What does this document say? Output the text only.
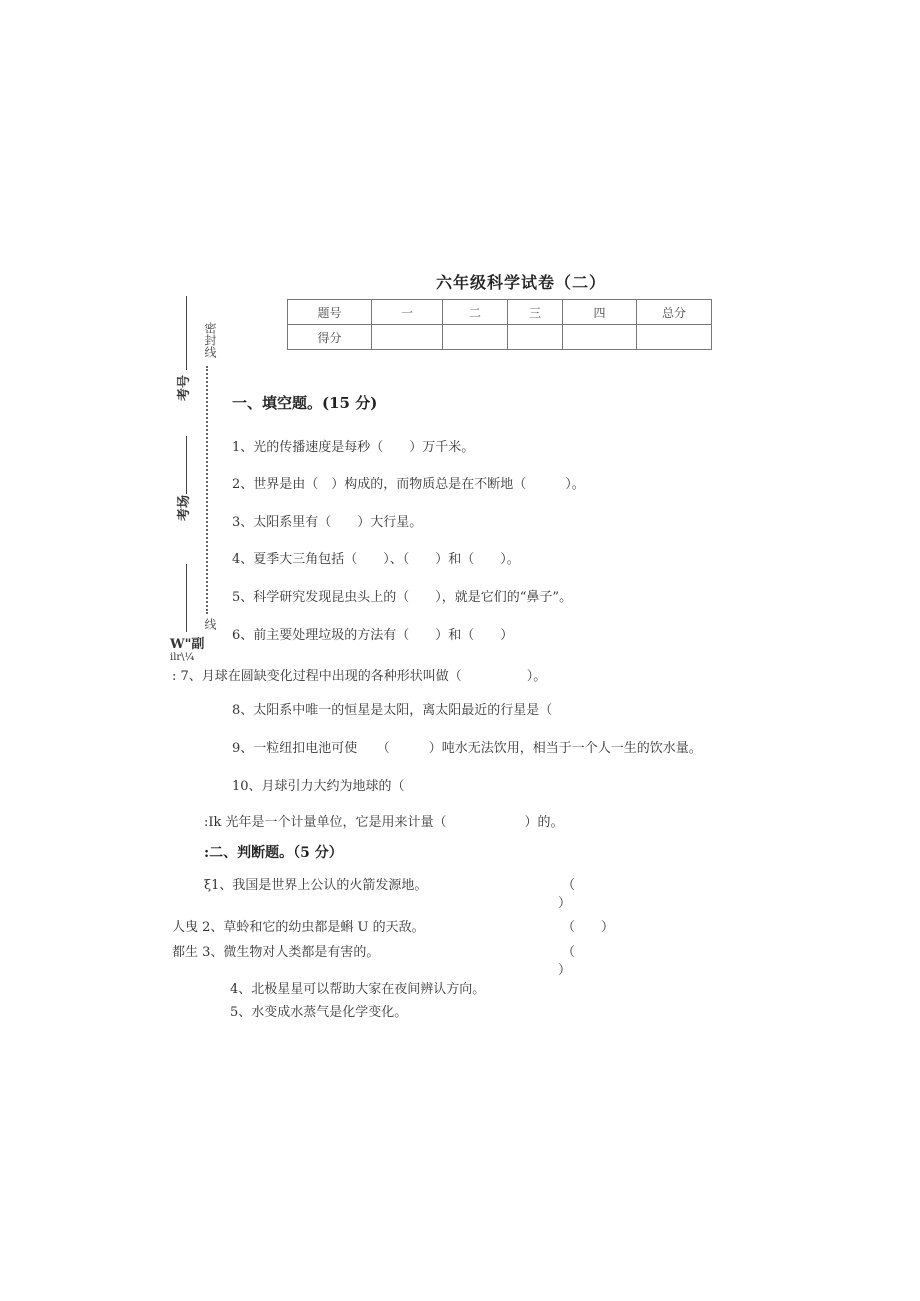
六年级科学试卷（二）
题号	一	二	三	四	总分
得分					
考号
考场
密封线
线
W"副
ilr\¼
一、填空题。(15 分)
1、光的传播速度是每秒（　　）万千米。
2、世界是由（　）构成的，而物质总是在不断地（　　　）。
3、太阳系里有（　　）大行星。
4、夏季大三角包括（　　）、（　　）和（　　）。
5、科学研究发现昆虫头上的（　　），就是它们的“鼻子”。
6、前主要处理垃圾的方法有（　　）和（　　）
: 7、月球在圆缺变化过程中出现的各种形状叫做（　　　　　）。
8、太阳系中唯一的恒星是太阳，离太阳最近的行星是（
9、一粒纽扣电池可使　　（　　　）吨水无法饮用，相当于一个人一生的饮水量。
10、月球引力大约为地球的（
:Ik 光年是一个计量单位，它是用来计量（　　　　　　）的。
:二、判断题。（5 分）
ξ1、我国是世界上公认的火箭发源地。	（
）
人曳 2、草蛉和它的幼虫都是蝌 U 的天敌。	（　　）
都生 3、微生物对人类都是有害的。	（
）
4、北极星星可以帮助大家在夜间辨认方向。
5、水变成水蒸气是化学变化。
